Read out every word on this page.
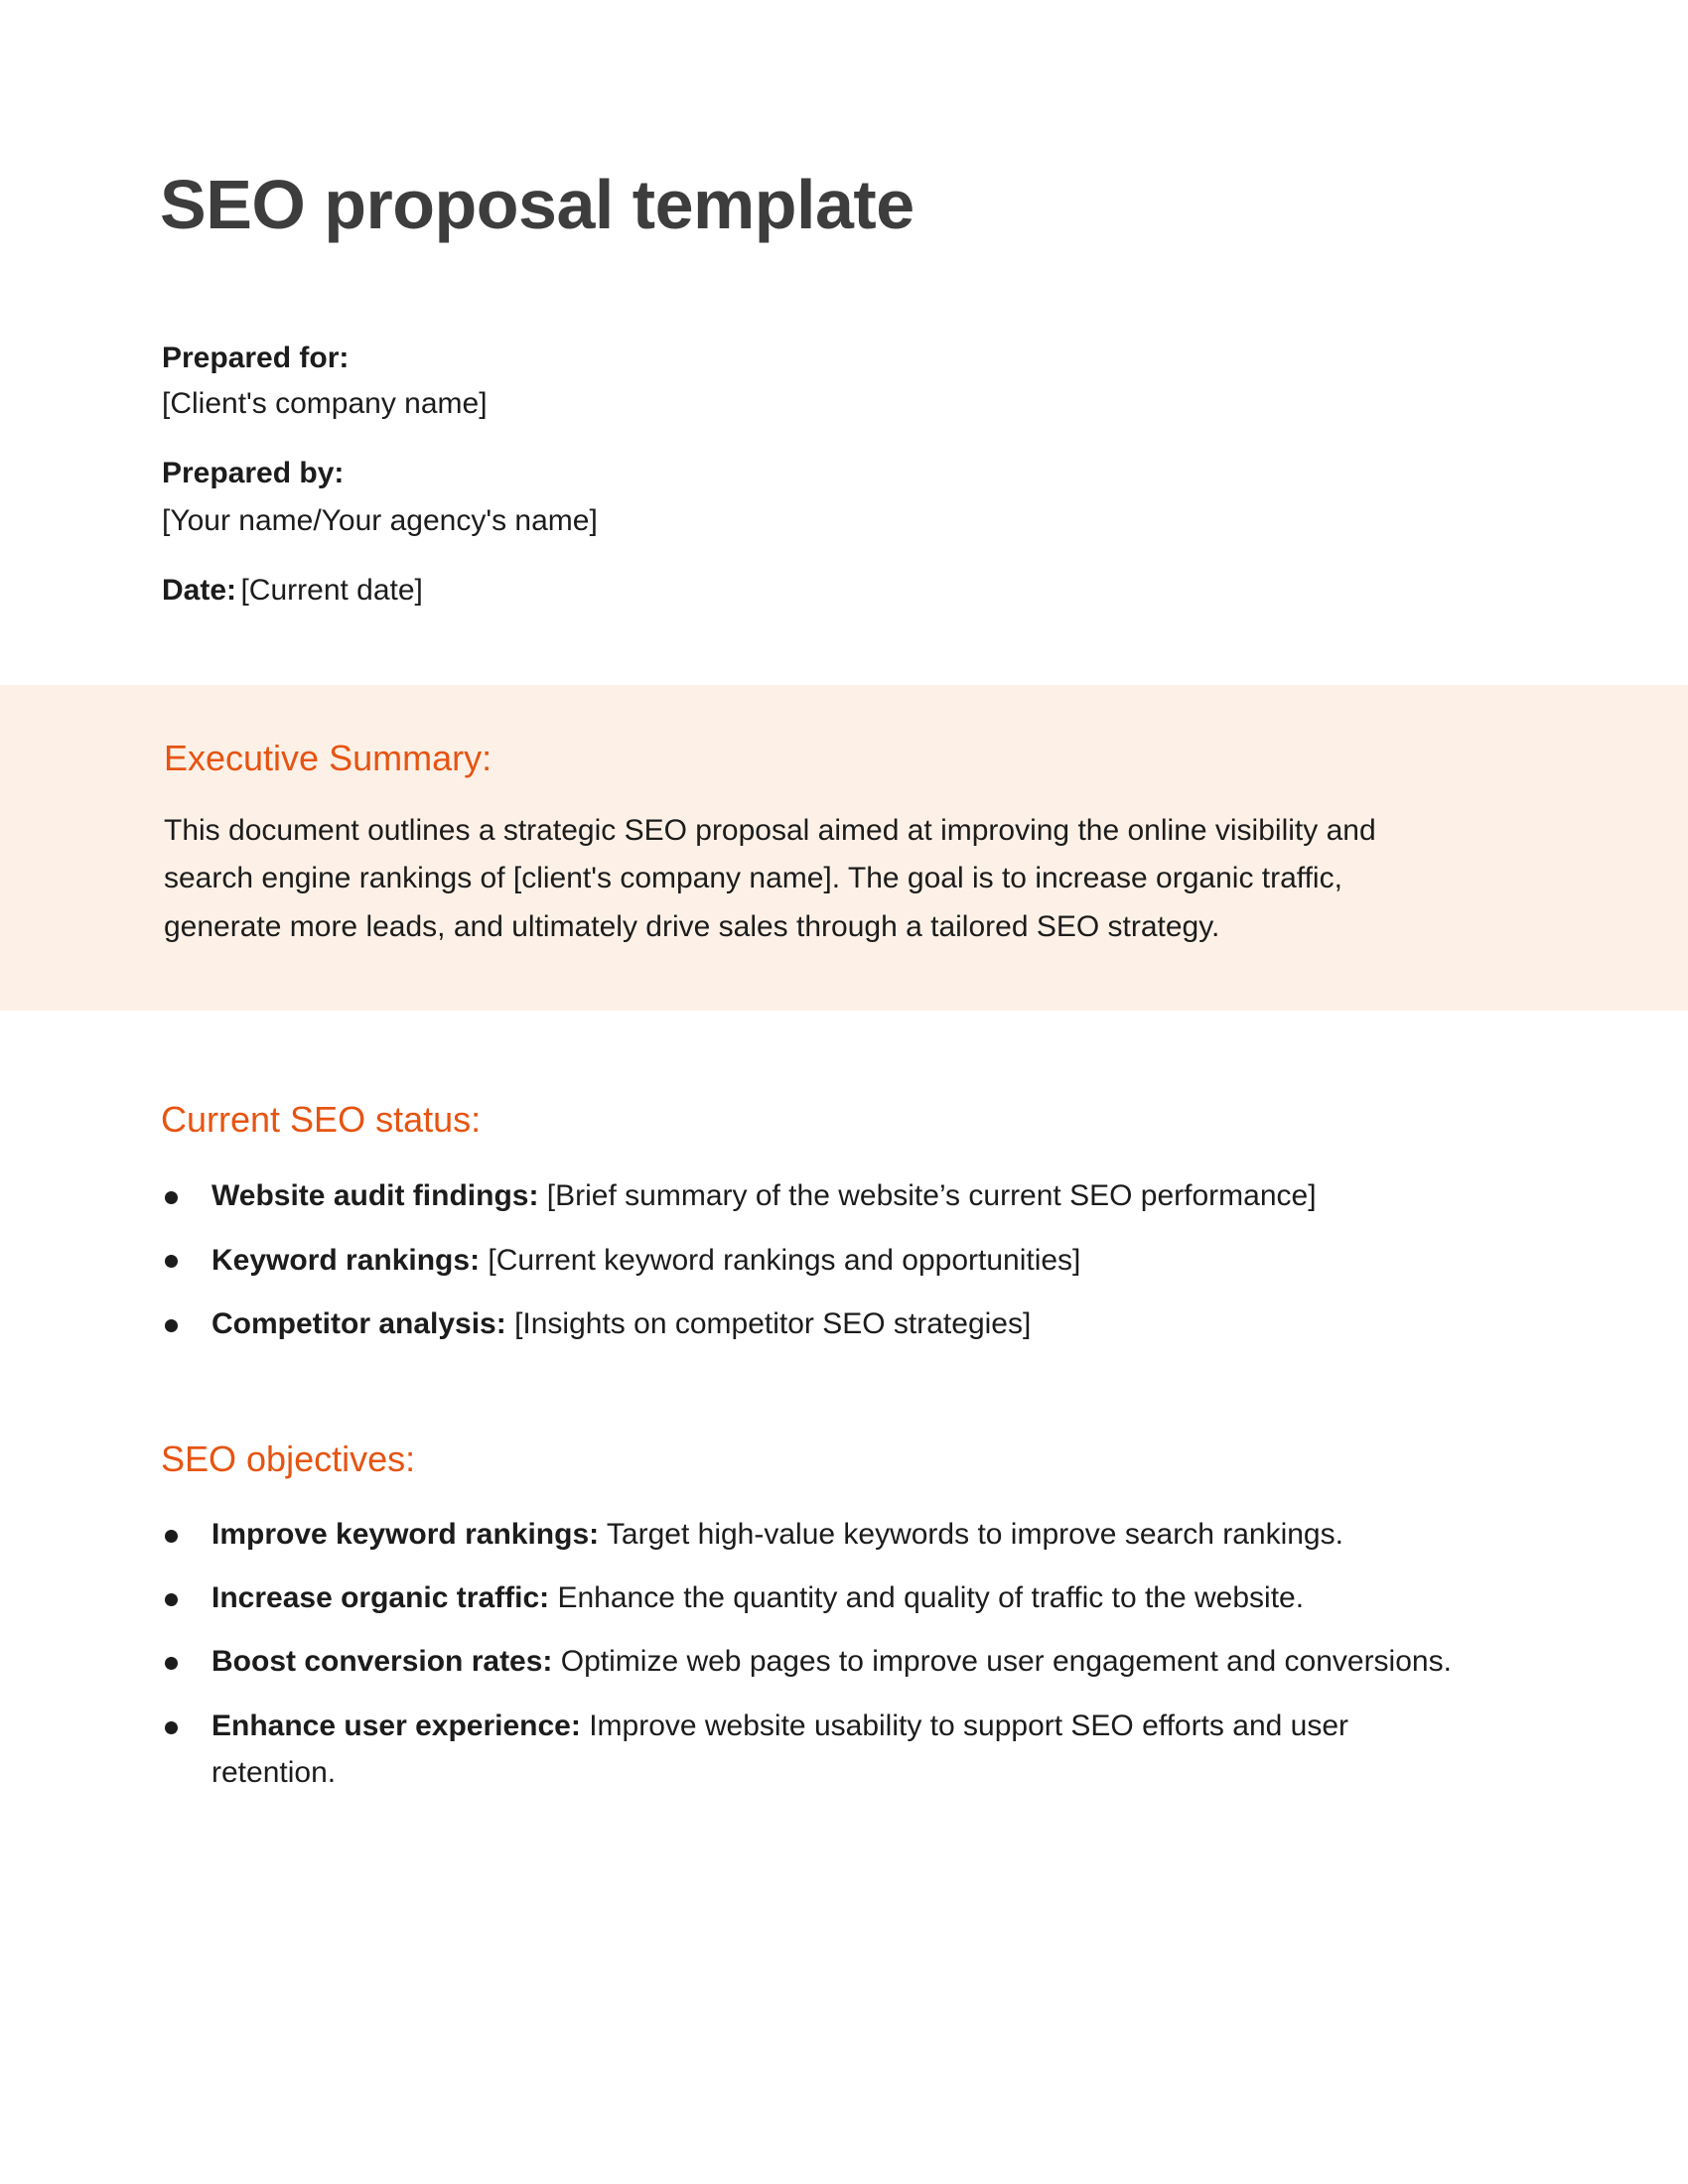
SEO proposal template
Prepared for:
[Client's company name]
Prepared by:
[Your name/Your agency's name]
Date: [Current date]
Executive Summary:
This document outlines a strategic SEO proposal aimed at improving the online visibility and
search engine rankings of [client's company name]. The goal is to increase organic traffic,
generate more leads, and ultimately drive sales through a tailored SEO strategy.
Current SEO status:
Website audit findings: [Brief summary of the website’s current SEO performance]
Keyword rankings: [Current keyword rankings and opportunities]
Competitor analysis: [Insights on competitor SEO strategies]
SEO objectives:
Improve keyword rankings: Target high-value keywords to improve search rankings.
Increase organic traffic: Enhance the quantity and quality of traffic to the website.
Boost conversion rates: Optimize web pages to improve user engagement and conversions.
Enhance user experience: Improve website usability to support SEO efforts and user
retention.
